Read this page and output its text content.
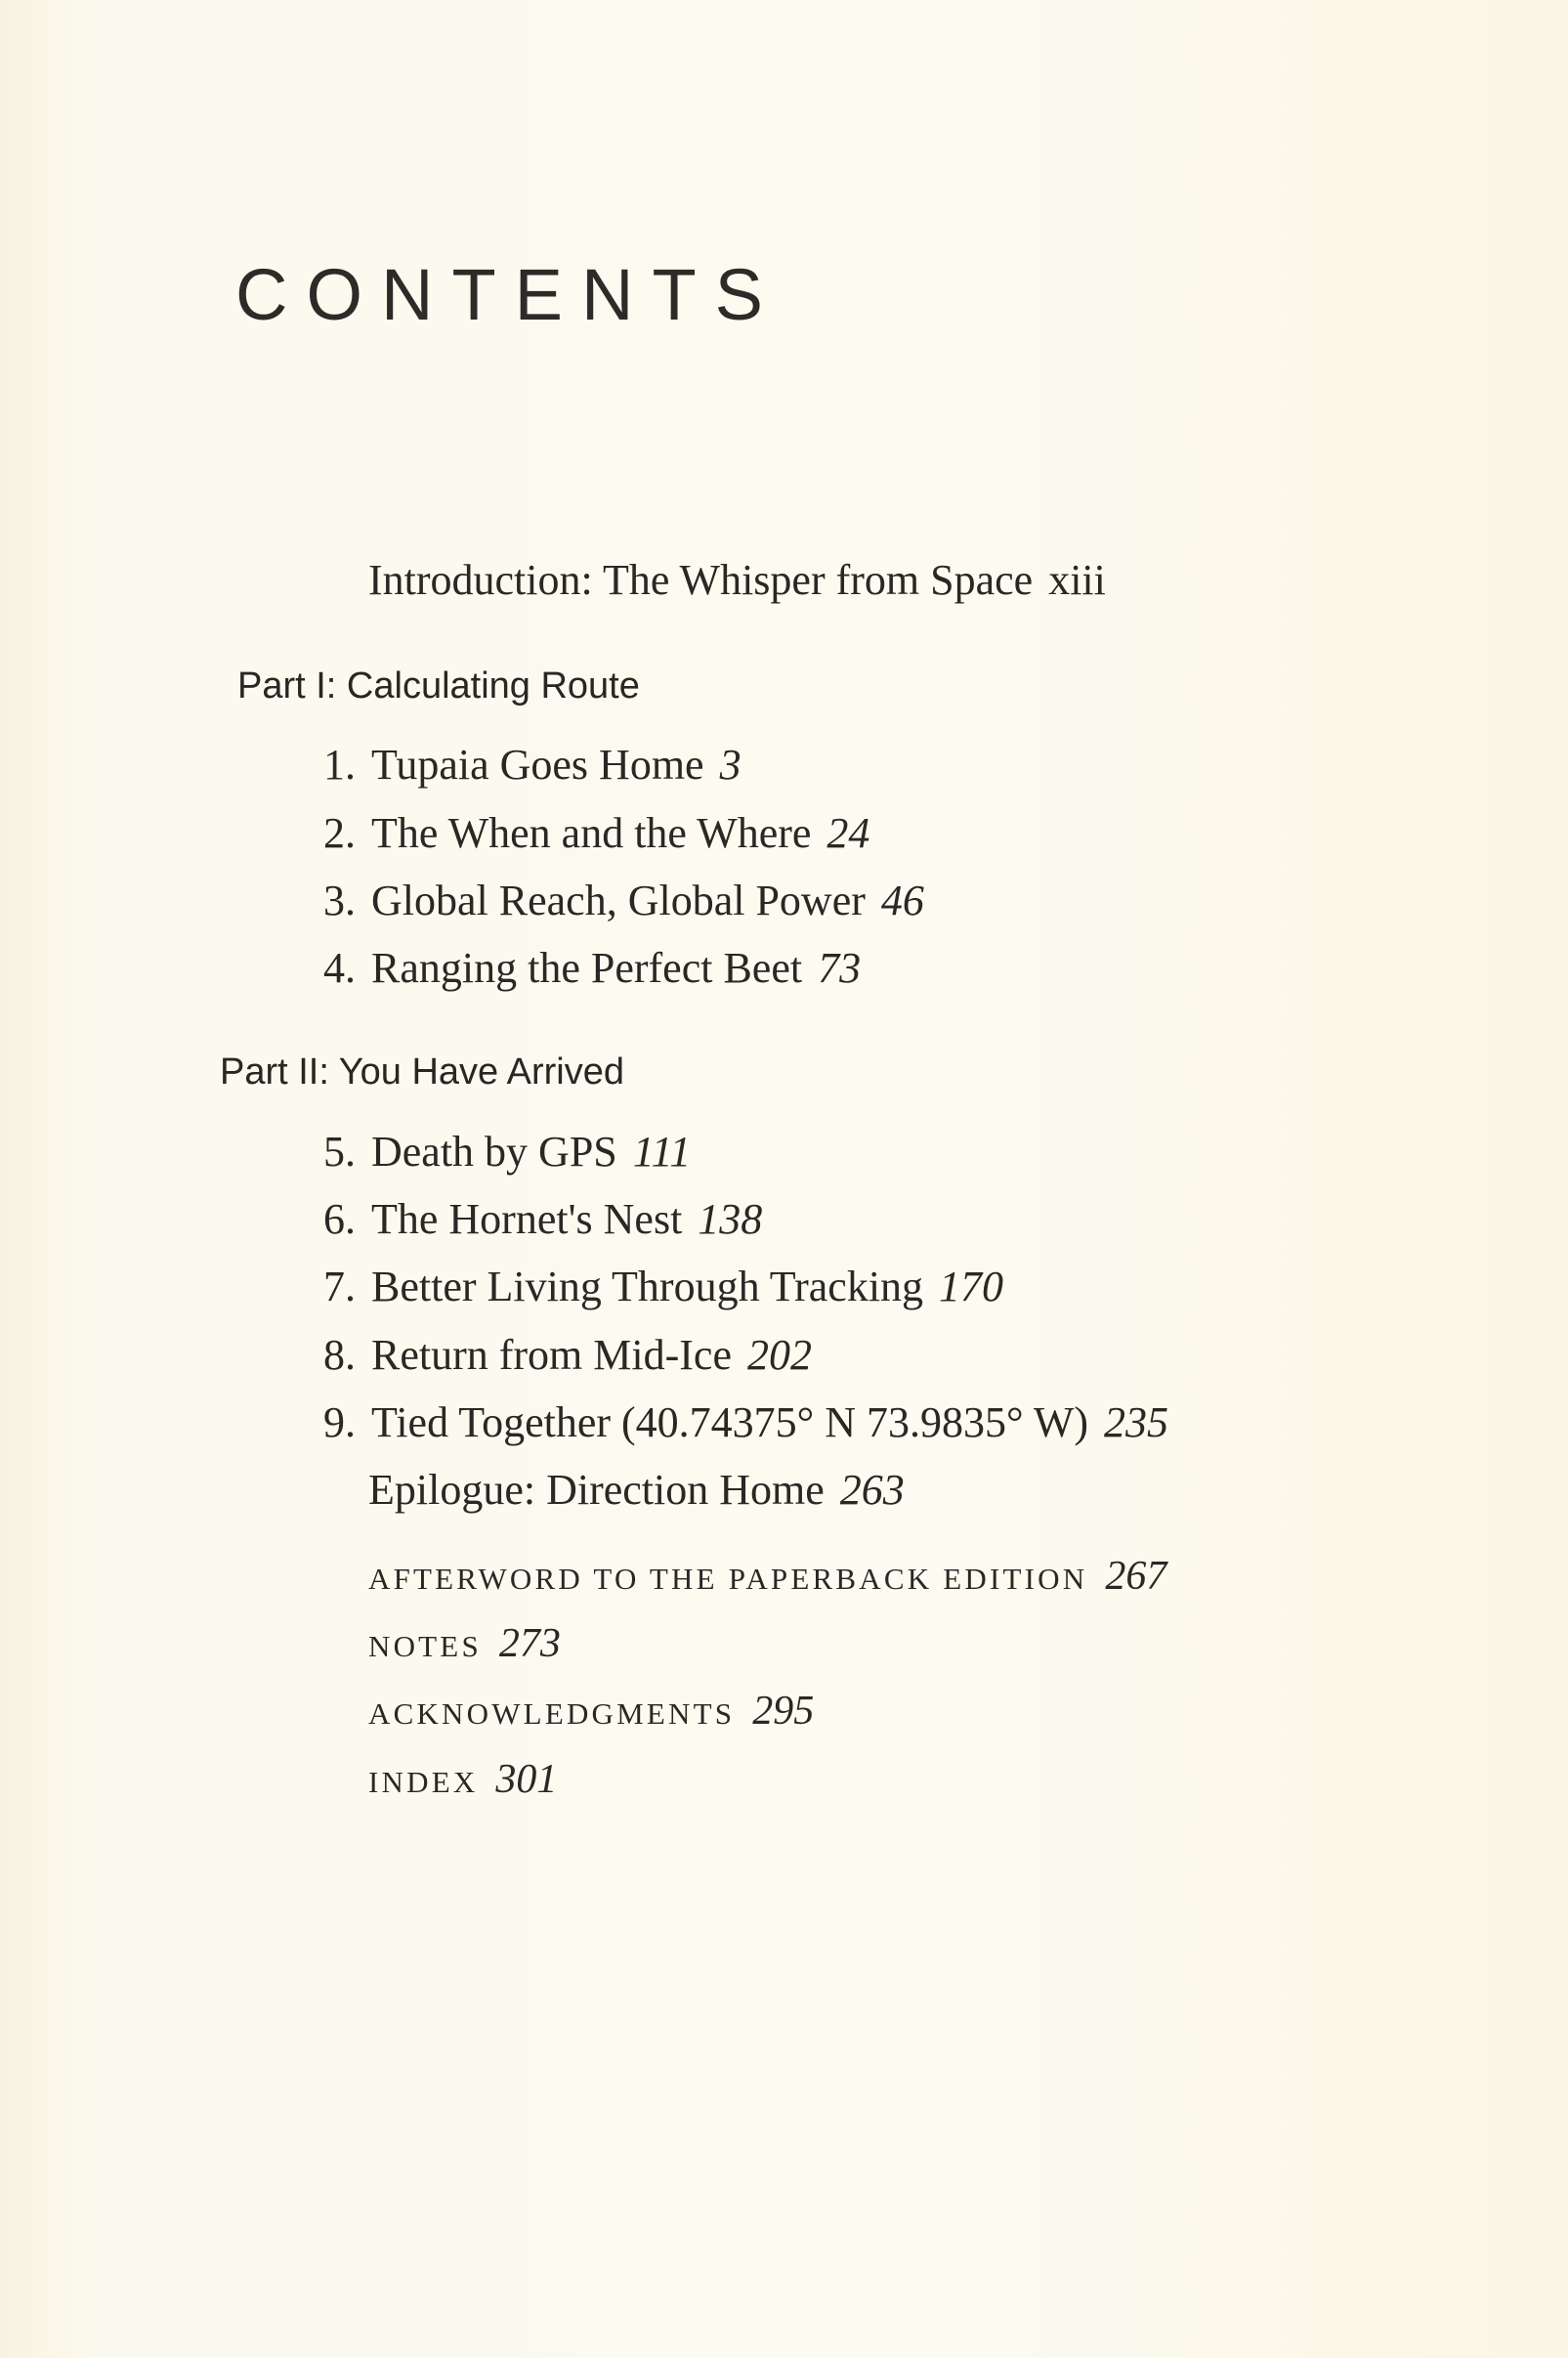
CONTENTS
Introduction: The Whisper from Space xiii
Part I: Calculating Route
1. Tupaia Goes Home 3
2. The When and the Where 24
3. Global Reach, Global Power 46
4. Ranging the Perfect Beet 73
Part II: You Have Arrived
5. Death by GPS 111
6. The Hornet's Nest 138
7. Better Living Through Tracking 170
8. Return from Mid-Ice 202
9. Tied Together (40.74375° N 73.9835° W) 235
Epilogue: Direction Home 263
AFTERWORD TO THE PAPERBACK EDITION 267
NOTES 273
ACKNOWLEDGMENTS 295
INDEX 301
